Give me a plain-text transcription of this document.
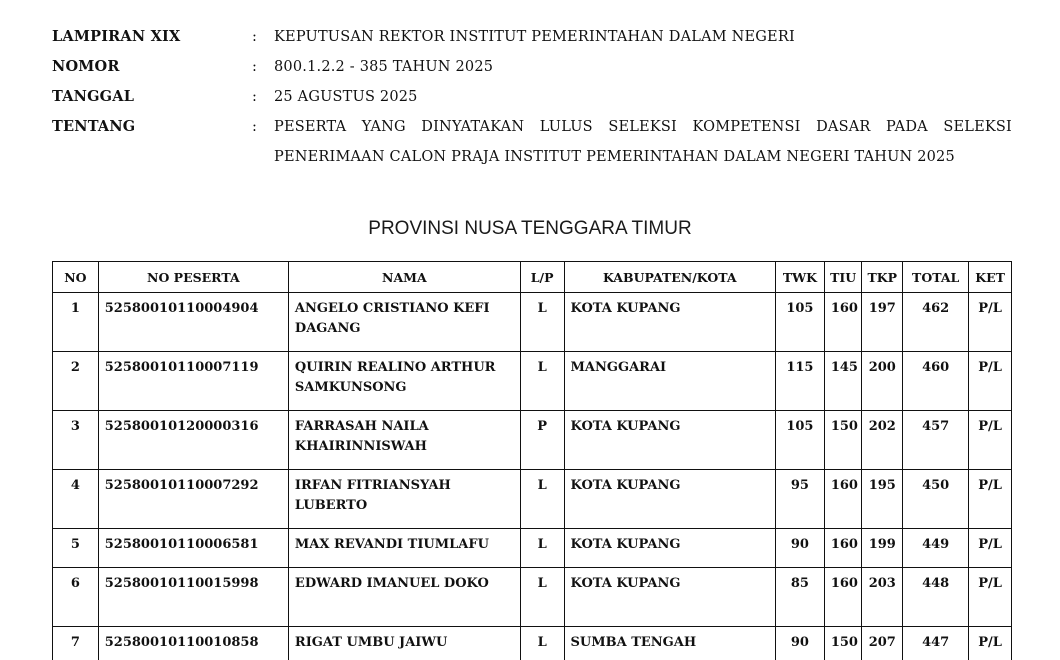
LAMPIRAN XIX	:	KEPUTUSAN REKTOR INSTITUT PEMERINTAHAN DALAM NEGERI
NOMOR	:	800.1.2.2 - 385 TAHUN 2025
TANGGAL	:	25 AGUSTUS 2025
TENTANG	:	PESERTA YANG DINYATAKAN LULUS SELEKSI KOMPETENSI DASAR PADA SELEKSI PENERIMAAN CALON PRAJA INSTITUT PEMERINTAHAN DALAM NEGERI TAHUN 2025
PROVINSI NUSA TENGGARA TIMUR
NO	NO PESERTA	NAMA	L/P	KABUPATEN/KOTA	TWK	TIU	TKP	TOTAL	KET
1	52580010110004904	ANGELO CRISTIANO KEFI DAGANG	L	KOTA KUPANG	105	160	197	462	P/L
2	52580010110007119	QUIRIN REALINO ARTHUR SAMKUNSONG	L	MANGGARAI	115	145	200	460	P/L
3	52580010120000316	FARRASAH NAILA KHAIRINNISWAH	P	KOTA KUPANG	105	150	202	457	P/L
4	52580010110007292	IRFAN FITRIANSYAH LUBERTO	L	KOTA KUPANG	95	160	195	450	P/L
5	52580010110006581	MAX REVANDI TIUMLAFU	L	KOTA KUPANG	90	160	199	449	P/L
6	52580010110015998	EDWARD IMANUEL DOKO	L	KOTA KUPANG	85	160	203	448	P/L
7	52580010110010858	RIGAT UMBU JAIWU	L	SUMBA TENGAH	90	150	207	447	P/L
